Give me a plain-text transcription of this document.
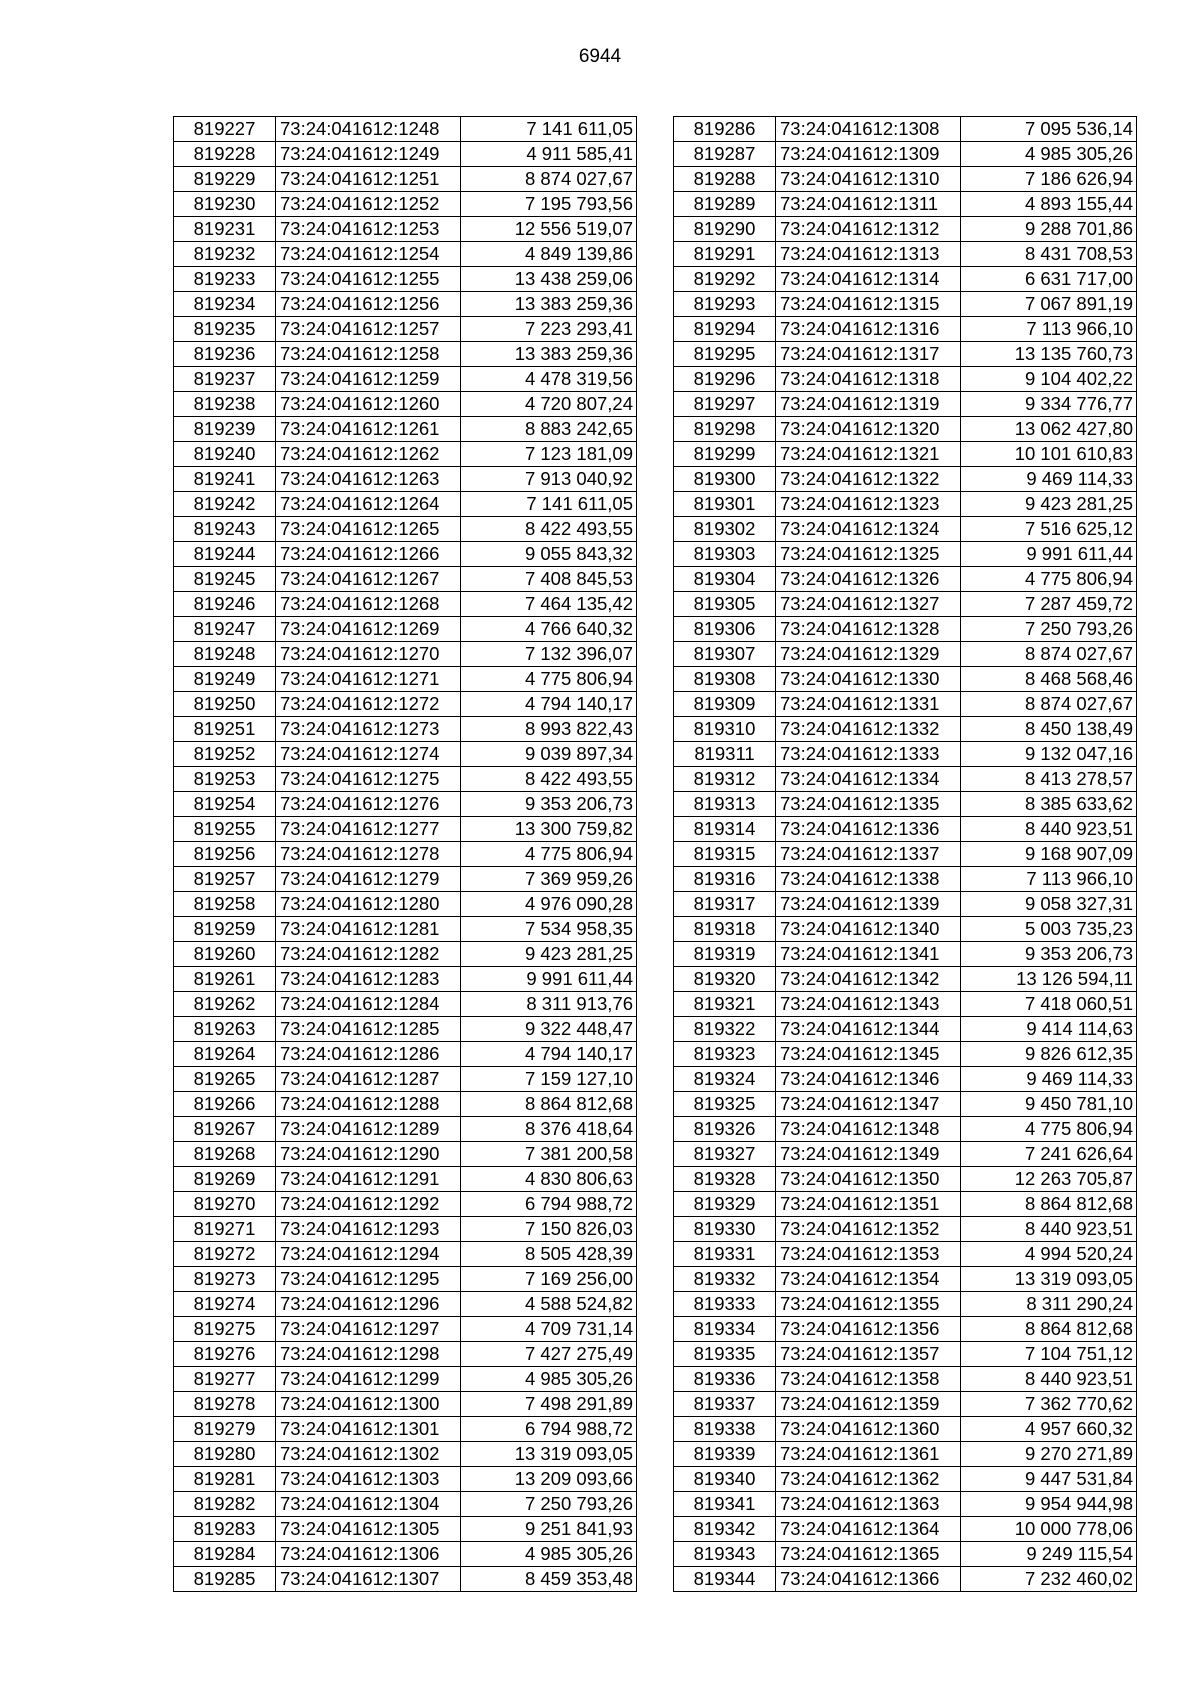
6944
819227	73:24:041612:1248	7 141 611,05
819228	73:24:041612:1249	4 911 585,41
819229	73:24:041612:1251	8 874 027,67
819230	73:24:041612:1252	7 195 793,56
819231	73:24:041612:1253	12 556 519,07
819232	73:24:041612:1254	4 849 139,86
819233	73:24:041612:1255	13 438 259,06
819234	73:24:041612:1256	13 383 259,36
819235	73:24:041612:1257	7 223 293,41
819236	73:24:041612:1258	13 383 259,36
819237	73:24:041612:1259	4 478 319,56
819238	73:24:041612:1260	4 720 807,24
819239	73:24:041612:1261	8 883 242,65
819240	73:24:041612:1262	7 123 181,09
819241	73:24:041612:1263	7 913 040,92
819242	73:24:041612:1264	7 141 611,05
819243	73:24:041612:1265	8 422 493,55
819244	73:24:041612:1266	9 055 843,32
819245	73:24:041612:1267	7 408 845,53
819246	73:24:041612:1268	7 464 135,42
819247	73:24:041612:1269	4 766 640,32
819248	73:24:041612:1270	7 132 396,07
819249	73:24:041612:1271	4 775 806,94
819250	73:24:041612:1272	4 794 140,17
819251	73:24:041612:1273	8 993 822,43
819252	73:24:041612:1274	9 039 897,34
819253	73:24:041612:1275	8 422 493,55
819254	73:24:041612:1276	9 353 206,73
819255	73:24:041612:1277	13 300 759,82
819256	73:24:041612:1278	4 775 806,94
819257	73:24:041612:1279	7 369 959,26
819258	73:24:041612:1280	4 976 090,28
819259	73:24:041612:1281	7 534 958,35
819260	73:24:041612:1282	9 423 281,25
819261	73:24:041612:1283	9 991 611,44
819262	73:24:041612:1284	8 311 913,76
819263	73:24:041612:1285	9 322 448,47
819264	73:24:041612:1286	4 794 140,17
819265	73:24:041612:1287	7 159 127,10
819266	73:24:041612:1288	8 864 812,68
819267	73:24:041612:1289	8 376 418,64
819268	73:24:041612:1290	7 381 200,58
819269	73:24:041612:1291	4 830 806,63
819270	73:24:041612:1292	6 794 988,72
819271	73:24:041612:1293	7 150 826,03
819272	73:24:041612:1294	8 505 428,39
819273	73:24:041612:1295	7 169 256,00
819274	73:24:041612:1296	4 588 524,82
819275	73:24:041612:1297	4 709 731,14
819276	73:24:041612:1298	7 427 275,49
819277	73:24:041612:1299	4 985 305,26
819278	73:24:041612:1300	7 498 291,89
819279	73:24:041612:1301	6 794 988,72
819280	73:24:041612:1302	13 319 093,05
819281	73:24:041612:1303	13 209 093,66
819282	73:24:041612:1304	7 250 793,26
819283	73:24:041612:1305	9 251 841,93
819284	73:24:041612:1306	4 985 305,26
819285	73:24:041612:1307	8 459 353,48
819286	73:24:041612:1308	7 095 536,14
819287	73:24:041612:1309	4 985 305,26
819288	73:24:041612:1310	7 186 626,94
819289	73:24:041612:1311	4 893 155,44
819290	73:24:041612:1312	9 288 701,86
819291	73:24:041612:1313	8 431 708,53
819292	73:24:041612:1314	6 631 717,00
819293	73:24:041612:1315	7 067 891,19
819294	73:24:041612:1316	7 113 966,10
819295	73:24:041612:1317	13 135 760,73
819296	73:24:041612:1318	9 104 402,22
819297	73:24:041612:1319	9 334 776,77
819298	73:24:041612:1320	13 062 427,80
819299	73:24:041612:1321	10 101 610,83
819300	73:24:041612:1322	9 469 114,33
819301	73:24:041612:1323	9 423 281,25
819302	73:24:041612:1324	7 516 625,12
819303	73:24:041612:1325	9 991 611,44
819304	73:24:041612:1326	4 775 806,94
819305	73:24:041612:1327	7 287 459,72
819306	73:24:041612:1328	7 250 793,26
819307	73:24:041612:1329	8 874 027,67
819308	73:24:041612:1330	8 468 568,46
819309	73:24:041612:1331	8 874 027,67
819310	73:24:041612:1332	8 450 138,49
819311	73:24:041612:1333	9 132 047,16
819312	73:24:041612:1334	8 413 278,57
819313	73:24:041612:1335	8 385 633,62
819314	73:24:041612:1336	8 440 923,51
819315	73:24:041612:1337	9 168 907,09
819316	73:24:041612:1338	7 113 966,10
819317	73:24:041612:1339	9 058 327,31
819318	73:24:041612:1340	5 003 735,23
819319	73:24:041612:1341	9 353 206,73
819320	73:24:041612:1342	13 126 594,11
819321	73:24:041612:1343	7 418 060,51
819322	73:24:041612:1344	9 414 114,63
819323	73:24:041612:1345	9 826 612,35
819324	73:24:041612:1346	9 469 114,33
819325	73:24:041612:1347	9 450 781,10
819326	73:24:041612:1348	4 775 806,94
819327	73:24:041612:1349	7 241 626,64
819328	73:24:041612:1350	12 263 705,87
819329	73:24:041612:1351	8 864 812,68
819330	73:24:041612:1352	8 440 923,51
819331	73:24:041612:1353	4 994 520,24
819332	73:24:041612:1354	13 319 093,05
819333	73:24:041612:1355	8 311 290,24
819334	73:24:041612:1356	8 864 812,68
819335	73:24:041612:1357	7 104 751,12
819336	73:24:041612:1358	8 440 923,51
819337	73:24:041612:1359	7 362 770,62
819338	73:24:041612:1360	4 957 660,32
819339	73:24:041612:1361	9 270 271,89
819340	73:24:041612:1362	9 447 531,84
819341	73:24:041612:1363	9 954 944,98
819342	73:24:041612:1364	10 000 778,06
819343	73:24:041612:1365	9 249 115,54
819344	73:24:041612:1366	7 232 460,02
